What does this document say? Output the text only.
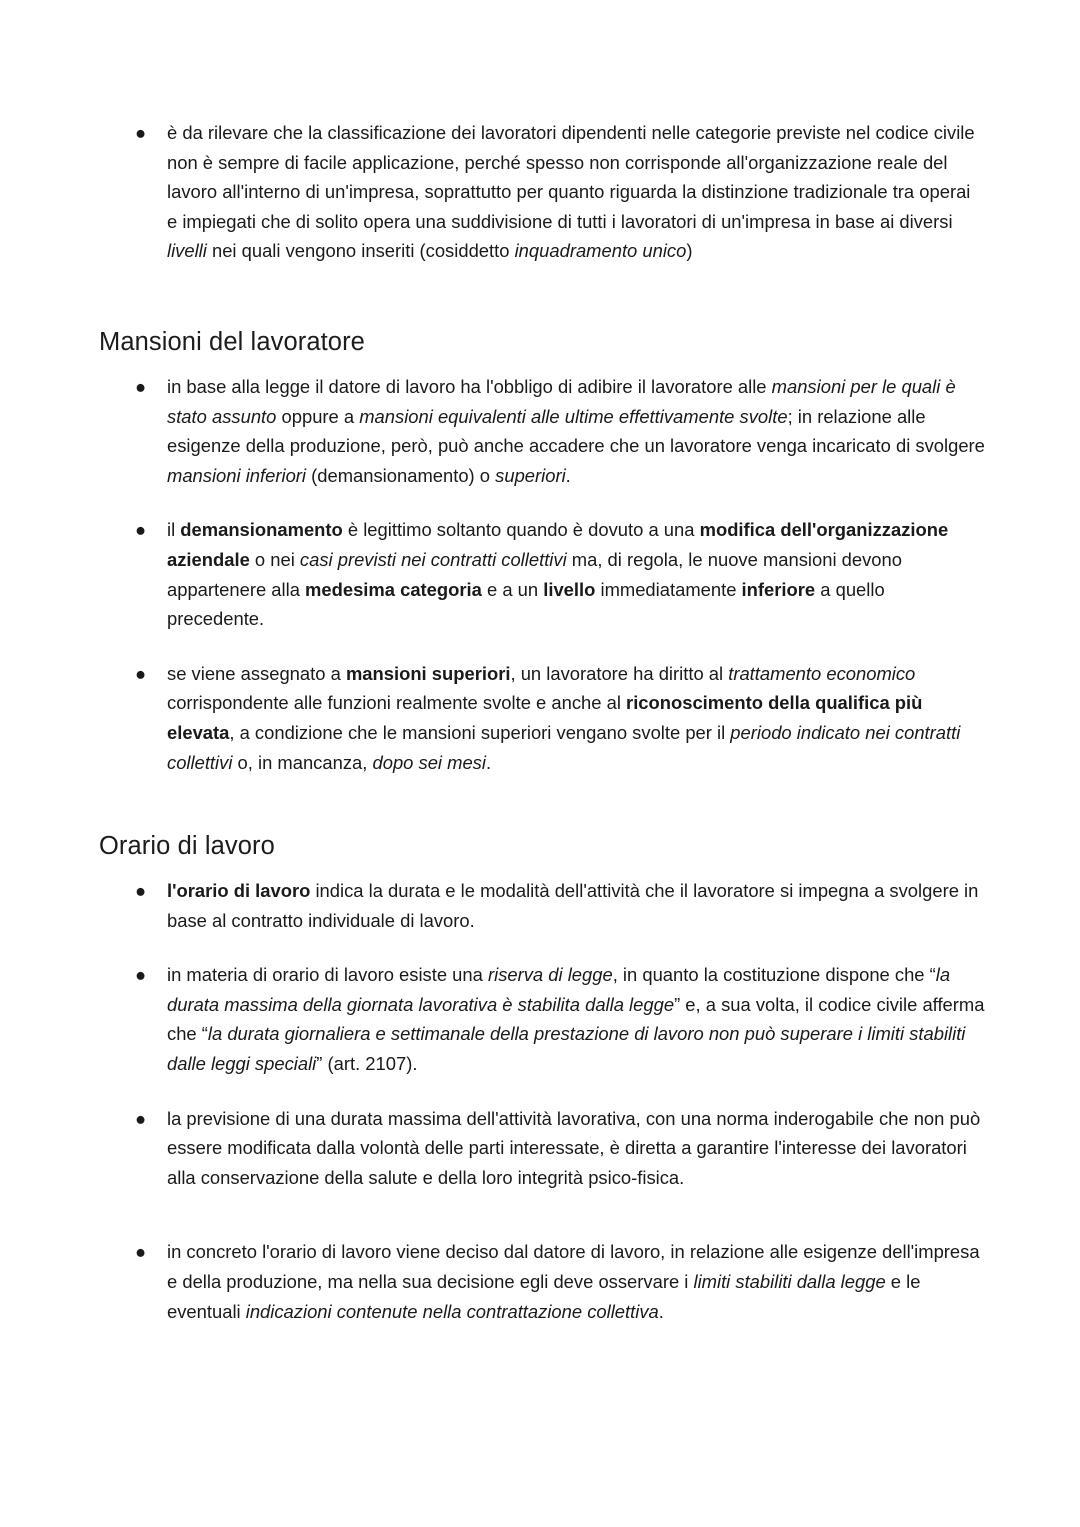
● è da rilevare che la classificazione dei lavoratori dipendenti nelle categorie previste nel codice civile non è sempre di facile applicazione, perché spesso non corrisponde all'organizzazione reale del lavoro all'interno di un'impresa, soprattutto per quanto riguarda la distinzione tradizionale tra operai e impiegati che di solito opera una suddivisione di tutti i lavoratori di un'impresa in base ai diversi livelli nei quali vengono inseriti (cosiddetto inquadramento unico)
Mansioni del lavoratore
● in base alla legge il datore di lavoro ha l'obbligo di adibire il lavoratore alle mansioni per le quali è stato assunto oppure a mansioni equivalenti alle ultime effettivamente svolte; in relazione alle esigenze della produzione, però, può anche accadere che un lavoratore venga incaricato di svolgere mansioni inferiori (demansionamento) o superiori.
● il demansionamento è legittimo soltanto quando è dovuto a una modifica dell'organizzazione aziendale o nei casi previsti nei contratti collettivi ma, di regola, le nuove mansioni devono appartenere alla medesima categoria e a un livello immediatamente inferiore a quello precedente.
● se viene assegnato a mansioni superiori, un lavoratore ha diritto al trattamento economico corrispondente alle funzioni realmente svolte e anche al riconoscimento della qualifica più elevata, a condizione che le mansioni superiori vengano svolte per il periodo indicato nei contratti collettivi o, in mancanza, dopo sei mesi.
Orario di lavoro
● l'orario di lavoro indica la durata e le modalità dell'attività che il lavoratore si impegna a svolgere in base al contratto individuale di lavoro.
● in materia di orario di lavoro esiste una riserva di legge, in quanto la costituzione dispone che “la durata massima della giornata lavorativa è stabilita dalla legge” e, a sua volta, il codice civile afferma che “la durata giornaliera e settimanale della prestazione di lavoro non può superare i limiti stabiliti dalle leggi speciali” (art. 2107).
● la previsione di una durata massima dell'attività lavorativa, con una norma inderogabile che non può essere modificata dalla volontà delle parti interessate, è diretta a garantire l'interesse dei lavoratori alla conservazione della salute e della loro integrità psico-fisica.
● in concreto l'orario di lavoro viene deciso dal datore di lavoro, in relazione alle esigenze dell'impresa e della produzione, ma nella sua decisione egli deve osservare i limiti stabiliti dalla legge e le eventuali indicazioni contenute nella contrattazione collettiva.
